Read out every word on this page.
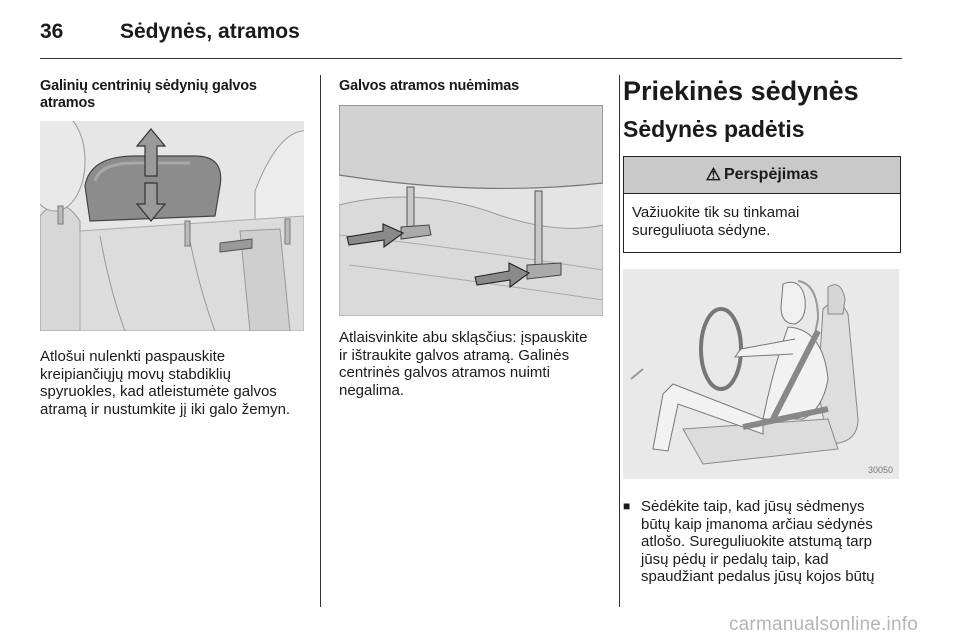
36	Sėdynės, atramos

Galinių centrinių sėdynių galvos atramos

Atlošui nulenkti paspauskite

kreipiančiųjų movų stabdiklių

spyruokles, kad atleistumėte galvos

atramą ir nustumkite jį iki galo žemyn.

Galvos atramos nuėmimas

Atlaisvinkite abu skląsčius: įspauskite

ir ištraukite galvos atramą. Galinės

centrinės galvos atramos nuimti

negalima.

Priekinės sėdynės

Sėdynės padėtis

⚠ Perspėjimas
Važiuokite tik su tinkamai
sureguliuota sėdyne.
30050
■ Sėdėkite taip, kad jūsų sėdmenys
būtų kaip įmanoma arčiau sėdynės
atlošo. Sureguliuokite atstumą tarp
jūsų pėdų ir pedalų taip, kad
spaudžiant pedalus jūsų kojos būtų
carmanualsonline.info
